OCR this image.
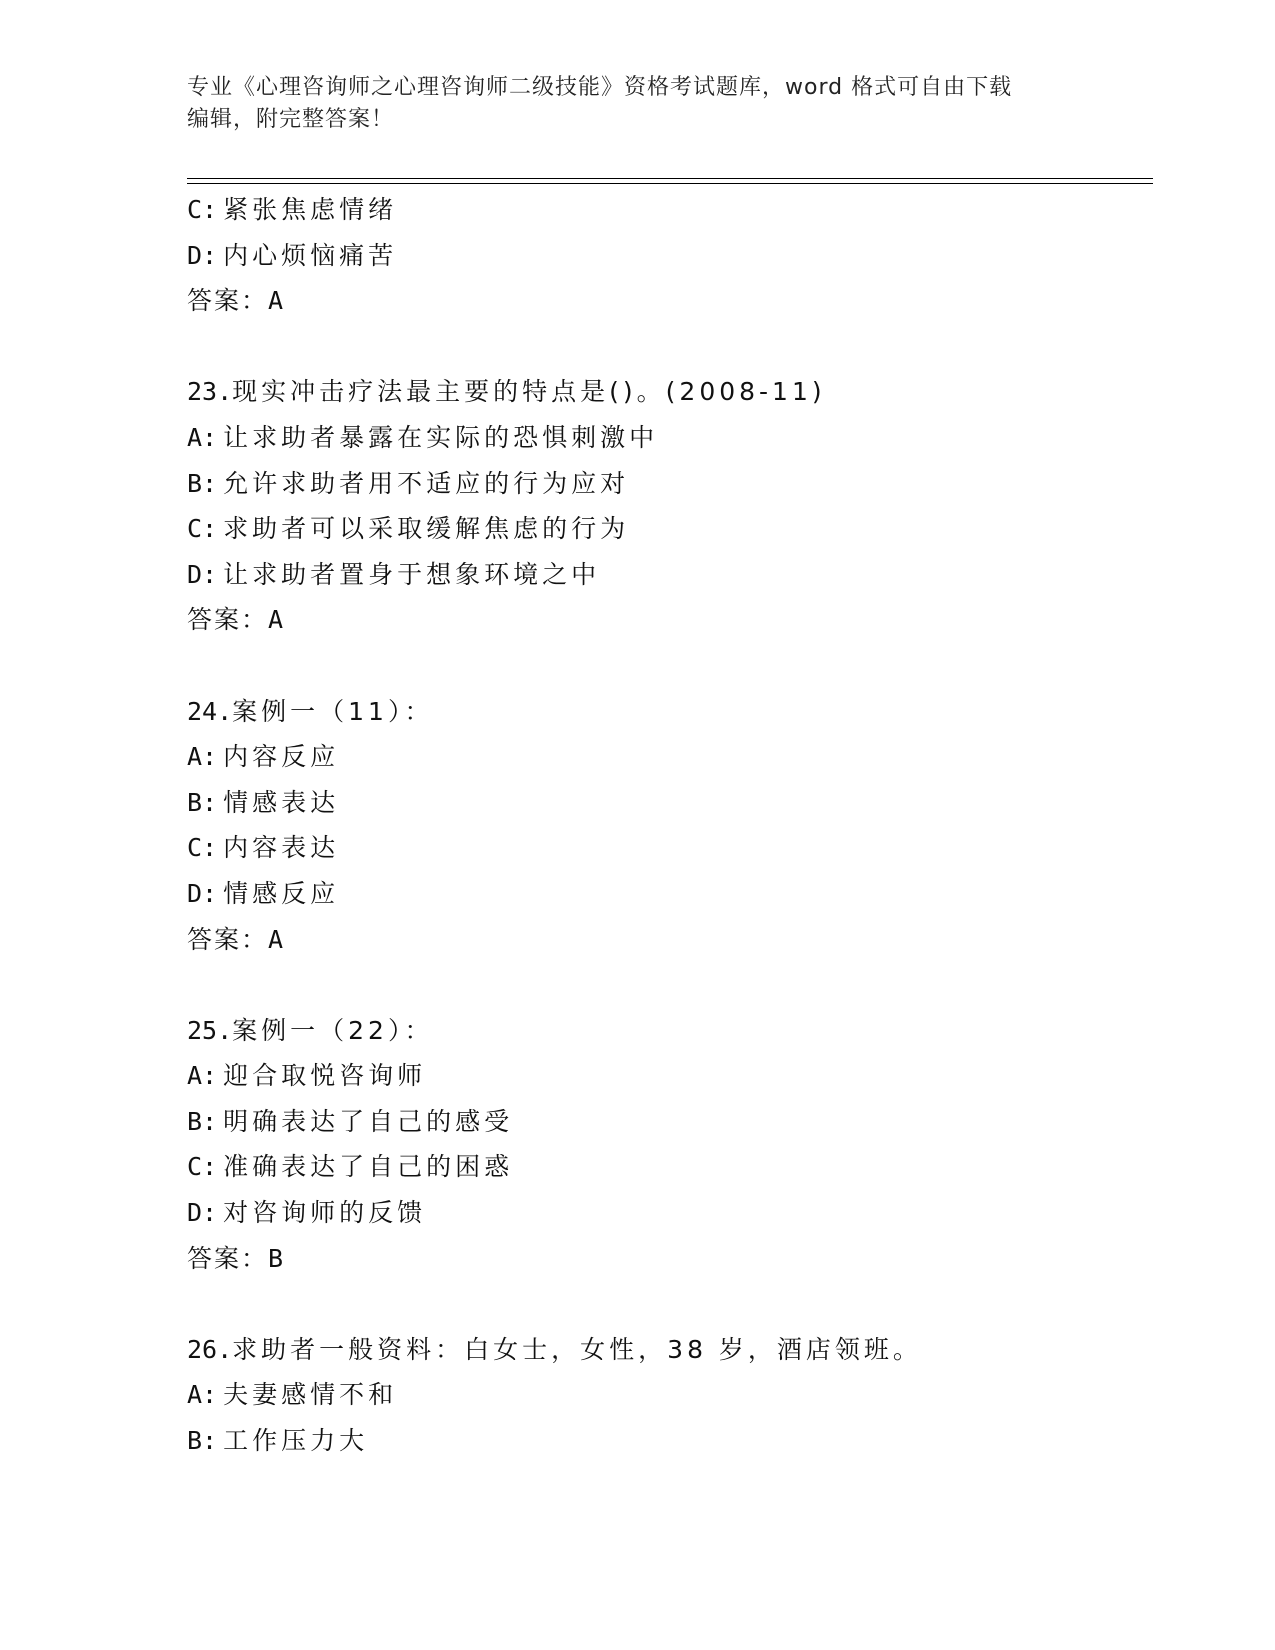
专业《心理咨询师之心理咨询师二级技能》资格考试题库，word 格式可自由下载
编辑，附完整答案！
C: 紧张焦虑情绪
D: 内心烦恼痛苦
答案：A
23.现实冲击疗法最主要的特点是()。(2008-11)
A: 让求助者暴露在实际的恐惧刺激中
B: 允许求助者用不适应的行为应对
C: 求助者可以采取缓解焦虑的行为
D: 让求助者置身于想象环境之中
答案：A
24.案例一（11）：
A: 内容反应
B: 情感表达
C: 内容表达
D: 情感反应
答案：A
25.案例一（22）：
A: 迎合取悦咨询师
B: 明确表达了自己的感受
C: 准确表达了自己的困惑
D: 对咨询师的反馈
答案：B
26.求助者一般资料：白女士，女性，38 岁，酒店领班。
A: 夫妻感情不和
B: 工作压力大
